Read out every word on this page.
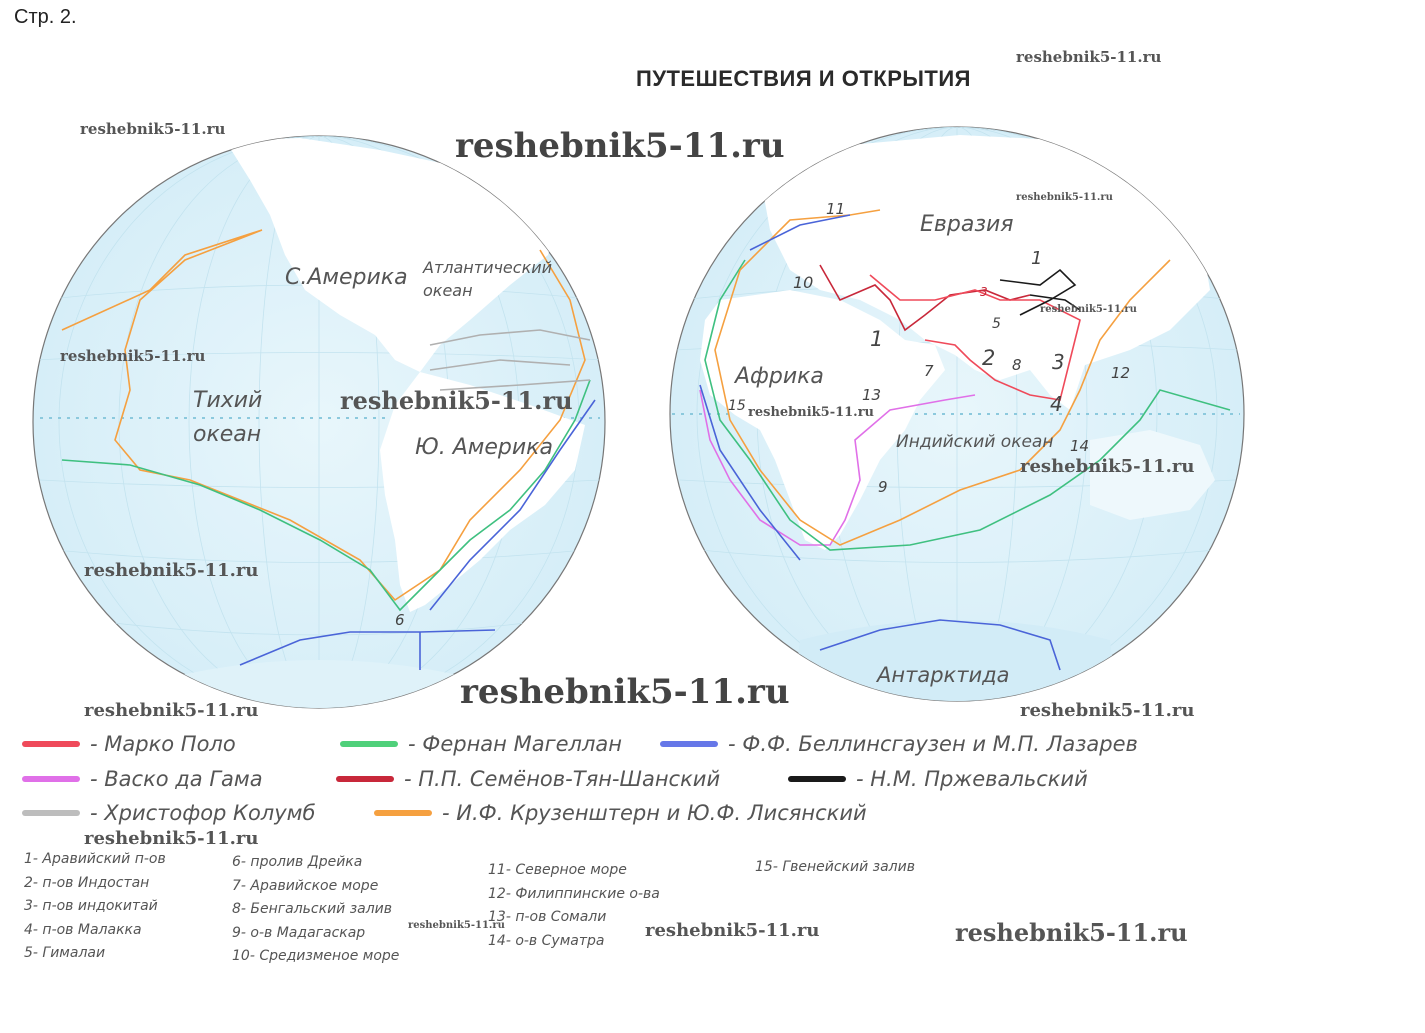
Стр. 2.
ПУТЕШЕСТВИЯ И ОТКРЫТИЯ
reshebnik5-11.ru
reshebnik5-11.ru	reshebnik5-11.ru
reshebnik5-11.ru
reshebnik5-11.ru
reshebnik5-11.ru
reshebnik5-11.ru	reshebnik5-11.ru
reshebnik5-11.ru
reshebnik5-11.ru
reshebnik5-11.ru
reshebnik5-11.ru	reshebnik5-11.ru
reshebnik5-11.ru
reshebnik5-11.ru	reshebnik5-11.ru	reshebnik5-11.ru
С.Америка Атлантический
океан
Тихий
океан
Ю. Америка
6
Евразия
Африка
Индийский океан
Антарктида
1
1
2	3
3
4
5
7	8
9
10
11
12
13
14
15
- Марко Поло	- Фернан Магеллан	- Ф.Ф. Беллинсгаузен и М.П. Лазарев
- Васко да Гама	- П.П. Семёнов-Тян-Шанский	- Н.М. Пржевальский
- Христофор Колумб	- И.Ф. Крузенштерн и Ю.Ф. Лисянский
1- Аравийский п-ов
2- п-ов Индостан
3- п-ов индокитай
4- п-ов Малакка
5- Гималаи
6- пролив Дрейка
7- Аравийское море
8- Бенгальский залив
9- о-в Мадагаскар
10- Средизменое море
11- Северное море
12- Филиппинские о-ва
13- п-ов Сомали
14- о-в Суматра
15- Гвенейский залив
